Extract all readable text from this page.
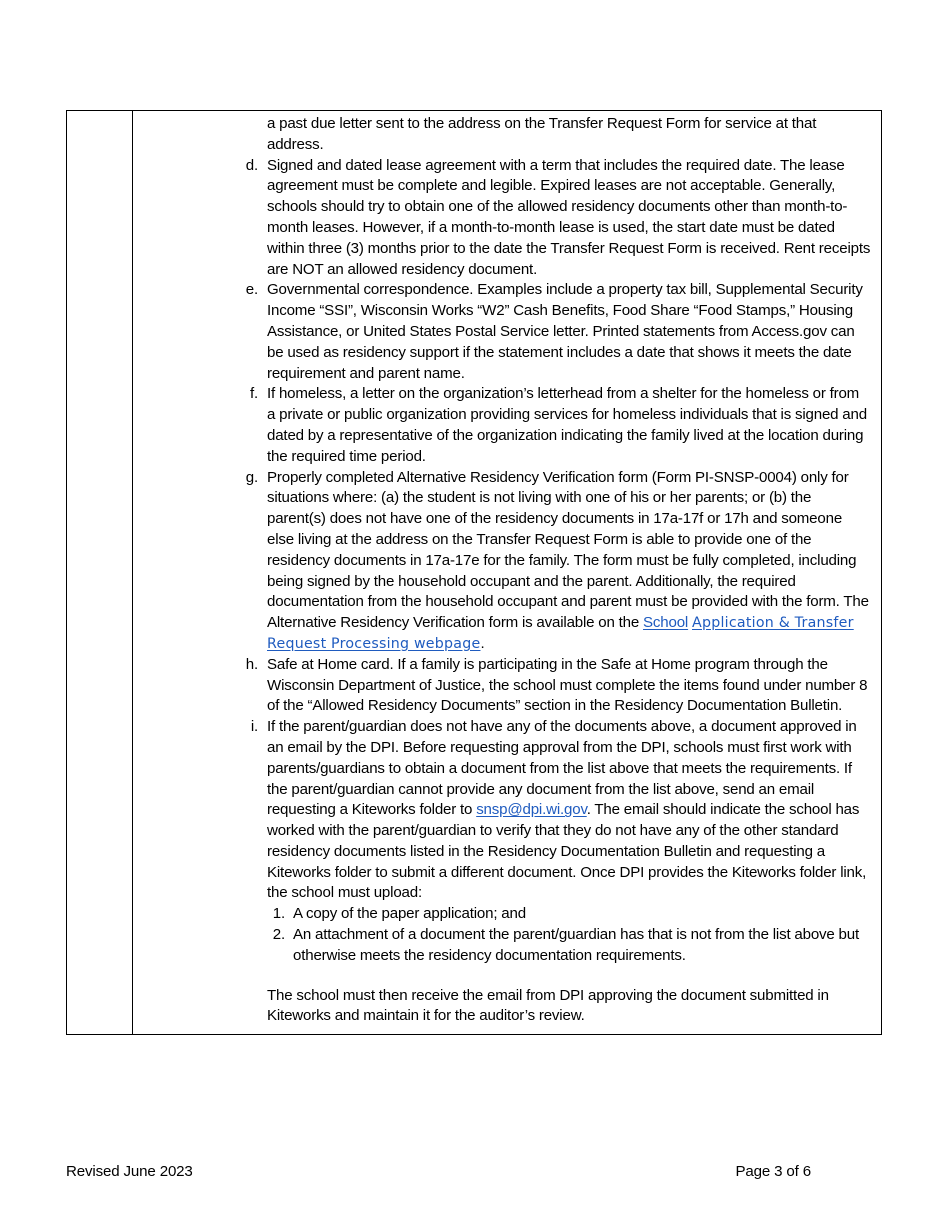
a past due letter sent to the address on the Transfer Request Form for service at that address.

d. Signed and dated lease agreement with a term that includes the required date. The lease agreement must be complete and legible. Expired leases are not acceptable. Generally, schools should try to obtain one of the allowed residency documents other than month-to-month leases. However, if a month-to-month lease is used, the start date must be dated within three (3) months prior to the date the Transfer Request Form is received. Rent receipts are NOT an allowed residency document.
e. Governmental correspondence. Examples include a property tax bill, Supplemental Security Income “SSI”, Wisconsin Works “W2” Cash Benefits, Food Share “Food Stamps,” Housing Assistance, or United States Postal Service letter. Printed statements from Access.gov can be used as residency support if the statement includes a date that shows it meets the date requirement and parent name.
f. If homeless, a letter on the organization’s letterhead from a shelter for the homeless or from a private or public organization providing services for homeless individuals that is signed and dated by a representative of the organization indicating the family lived at the location during the required time period.
g. Properly completed Alternative Residency Verification form (Form PI-SNSP-0004) only for situations where: (a) the student is not living with one of his or her parents; or (b) the parent(s) does not have one of the residency documents in 17a-17f or 17h and someone else living at the address on the Transfer Request Form is able to provide one of the residency documents in 17a-17e for the family. The form must be fully completed, including being signed by the household occupant and the parent. Additionally, the required documentation from the household occupant and parent must be provided with the form. The Alternative Residency Verification form is available on the School Application & Transfer Request Processing webpage.
h. Safe at Home card. If a family is participating in the Safe at Home program through the Wisconsin Department of Justice, the school must complete the items found under number 8 of the “Allowed Residency Documents” section in the Residency Documentation Bulletin.
i. If the parent/guardian does not have any of the documents above, a document approved in an email by the DPI. Before requesting approval from the DPI, schools must first work with parents/guardians to obtain a document from the list above that meets the requirements. If the parent/guardian cannot provide any document from the list above, send an email requesting a Kiteworks folder to snsp@dpi.wi.gov. The email should indicate the school has worked with the parent/guardian to verify that they do not have any of the other standard residency documents listed in the Residency Documentation Bulletin and requesting a Kiteworks folder to submit a different document. Once DPI provides the Kiteworks folder link, the school must upload:
1. A copy of the paper application; and
2. An attachment of a document the parent/guardian has that is not from the list above but otherwise meets the residency documentation requirements.

The school must then receive the email from DPI approving the document submitted in Kiteworks and maintain it for the auditor’s review.

Revised June 2023	Page 3 of 6
